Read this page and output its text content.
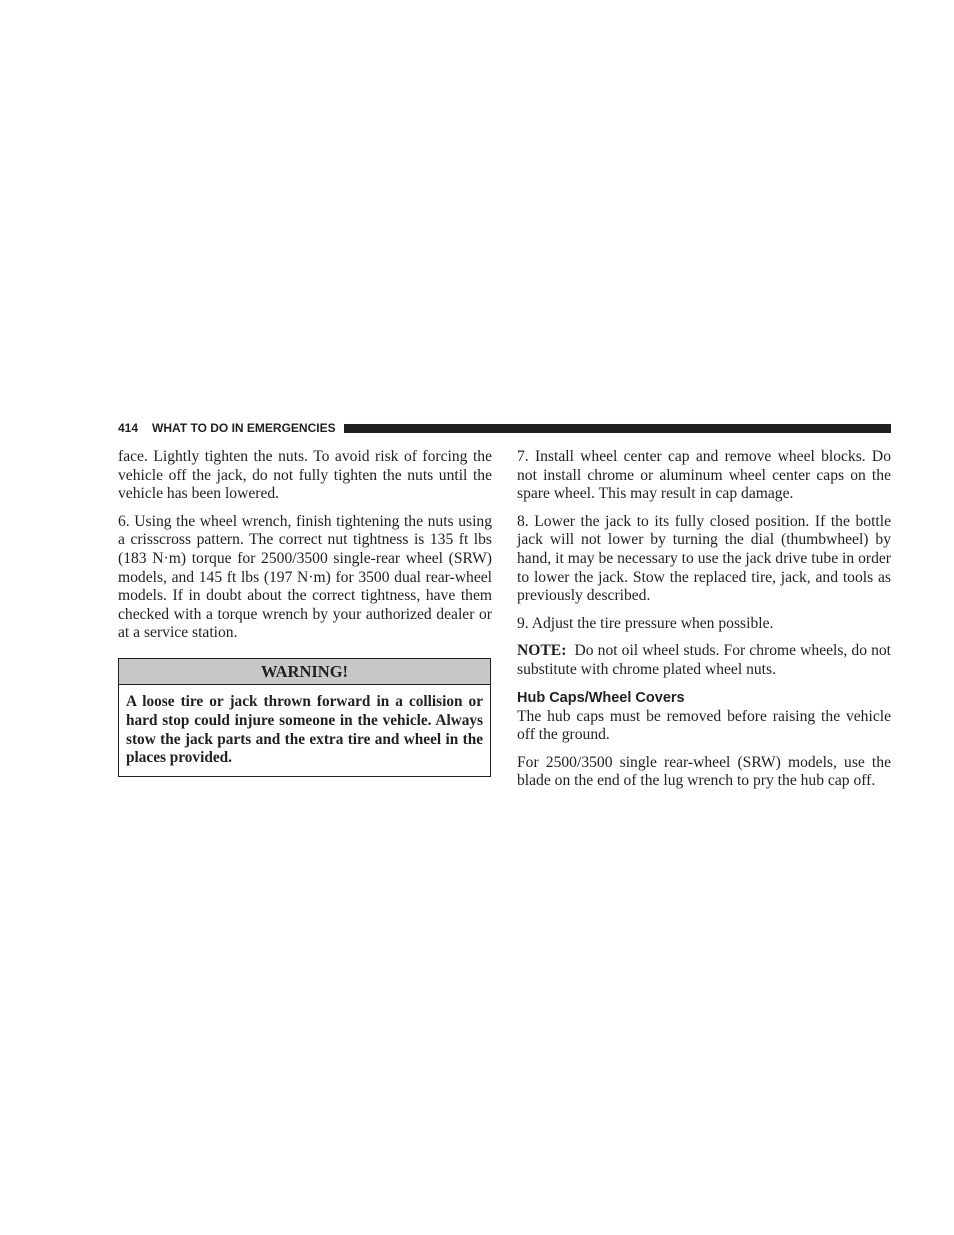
414 WHAT TO DO IN EMERGENCIES

face. Lightly tighten the nuts. To avoid risk of forcing the vehicle off the jack, do not fully tighten the nuts until the vehicle has been lowered.

6. Using the wheel wrench, finish tightening the nuts using a crisscross pattern. The correct nut tightness is 135 ft lbs (183 N·m) torque for 2500/3500 single-rear wheel (SRW) models, and 145 ft lbs (197 N·m) for 3500 dual rear-wheel models. If in doubt about the correct tightness, have them checked with a torque wrench by your authorized dealer or at a service station.

WARNING!
A loose tire or jack thrown forward in a collision or hard stop could injure someone in the vehicle. Always stow the jack parts and the extra tire and wheel in the places provided.

7. Install wheel center cap and remove wheel blocks. Do not install chrome or aluminum wheel center caps on the spare wheel. This may result in cap damage.

8. Lower the jack to its fully closed position. If the bottle jack will not lower by turning the dial (thumbwheel) by hand, it may be necessary to use the jack drive tube in order to lower the jack. Stow the replaced tire, jack, and tools as previously described.

9. Adjust the tire pressure when possible.

NOTE: Do not oil wheel studs. For chrome wheels, do not substitute with chrome plated wheel nuts.

Hub Caps/Wheel Covers

The hub caps must be removed before raising the vehicle off the ground.

For 2500/3500 single rear-wheel (SRW) models, use the blade on the end of the lug wrench to pry the hub cap off.
